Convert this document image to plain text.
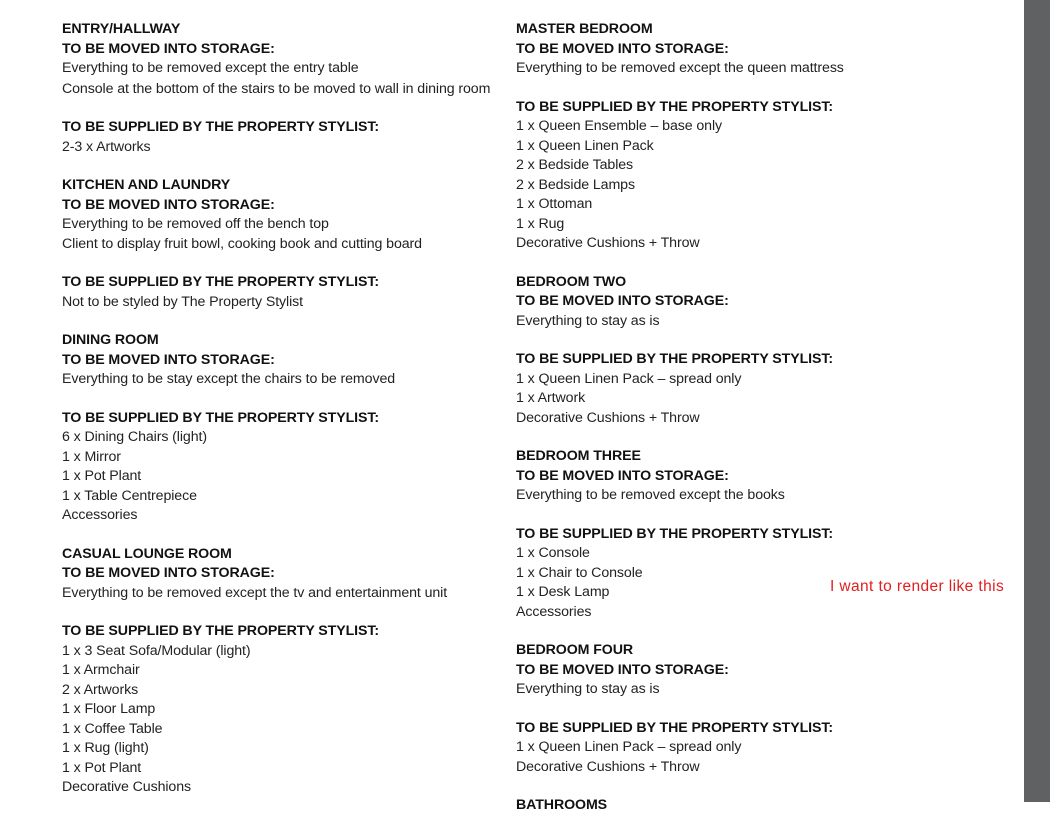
ENTRY/HALLWAY
TO BE MOVED INTO STORAGE:
Everything to be removed except the entry table
Console at the bottom of the stairs to be moved to wall in dining room
TO BE SUPPLIED BY THE PROPERTY STYLIST:
2-3 x Artworks
KITCHEN AND LAUNDRY
TO BE MOVED INTO STORAGE:
Everything to be removed off the bench top
Client to display fruit bowl, cooking book and cutting board
TO BE SUPPLIED BY THE PROPERTY STYLIST:
Not to be styled by The Property Stylist
DINING ROOM
TO BE MOVED INTO STORAGE:
Everything to be stay except the chairs to be removed
TO BE SUPPLIED BY THE PROPERTY STYLIST:
6 x Dining Chairs (light)
1 x Mirror
1 x Pot Plant
1 x Table Centrepiece
Accessories
CASUAL LOUNGE ROOM
TO BE MOVED INTO STORAGE:
Everything to be removed except the tv and entertainment unit
TO BE SUPPLIED BY THE PROPERTY STYLIST:
1 x 3 Seat Sofa/Modular (light)
1 x Armchair
2 x Artworks
1 x Floor Lamp
1 x Coffee Table
1 x Rug (light)
1 x Pot Plant
Decorative Cushions
MASTER BEDROOM
TO BE MOVED INTO STORAGE:
Everything to be removed except the queen mattress
TO BE SUPPLIED BY THE PROPERTY STYLIST:
1 x Queen Ensemble – base only
1 x Queen Linen Pack
2 x Bedside Tables
2 x Bedside Lamps
1 x Ottoman
1 x Rug
Decorative Cushions + Throw
BEDROOM TWO
TO BE MOVED INTO STORAGE:
Everything to stay as is
TO BE SUPPLIED BY THE PROPERTY STYLIST:
1 x Queen Linen Pack – spread only
1 x Artwork
Decorative Cushions + Throw
BEDROOM THREE
TO BE MOVED INTO STORAGE:
Everything to be removed except the books
TO BE SUPPLIED BY THE PROPERTY STYLIST:
1 x Console
1 x Chair to Console
1 x Desk Lamp
Accessories
BEDROOM FOUR
TO BE MOVED INTO STORAGE:
Everything to stay as is
TO BE SUPPLIED BY THE PROPERTY STYLIST:
1 x Queen Linen Pack – spread only
Decorative Cushions + Throw
BATHROOMS
I want to render like this
